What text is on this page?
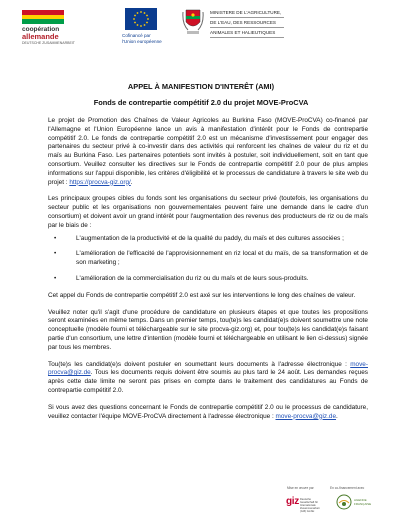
coopération
allemande
DEUTSCHE ZUSAMMENARBEIT
Cofinancé par
l'Union européenne
MINISTERE DE L'AGRICULTURE,
DE L'EAU, DES RESSOURCES
ANIMALES ET HALIEUTIQUES
APPEL À MANIFESTION D'INTERÊT (AMI)
Fonds de contrepartie compétitif 2.0 du projet MOVE-ProCVA

Le projet de Promotion des Chaînes de Valeur Agricoles au Burkina Faso (MOVE-ProCVA) co-financé par l'Allemagne et l'Union Européenne lance un avis à manifestation d'intérêt pour le Fonds de contrepartie compétitif 2.0. Le fonds de contrepartie compétitif 2.0 est un mécanisme d'investissement pour engager des partenaires du secteur privé à co-investir dans des activités qui renforcent les chaînes de valeur du riz et du maïs au Burkina Faso. Les partenaires potentiels sont invités à postuler, soit individuellement, soit en tant que consortium. Veuillez consulter les directives sur le Fonds de contrepartie compétitif 2.0 pour de plus amples informations sur l'appui disponible, les critères d'éligibilité et le processus de candidature à travers le site web du projet : https://procva-giz.org/.

Les principaux groupes cibles du fonds sont les organisations du secteur privé (toutefois, les organisations du secteur public et les organisations non gouvernementales peuvent faire une demande dans le cadre d'un consortium) et doivent avoir un grand intérêt pour l'augmentation des revenus des producteurs de riz ou de maïs par le biais de :

• L'augmentation de la productivité et de la qualité du paddy, du maïs et des cultures associées ;
• L'amélioration de l'efficacité de l'approvisionnement en riz local et du maïs, de sa transformation et de son marketing ;
• L'amélioration de la commercialisation du riz ou du maïs et de leurs sous-produits.

Cet appel du Fonds de contrepartie compétitif 2.0 est axé sur les interventions le long des chaînes de valeur.

Veuillez noter qu'il s'agit d'une procédure de candidature en plusieurs étapes et que toutes les propositions seront examinées en même temps. Dans un premier temps, tou(te)s les candidat(e)s doivent soumettre une note conceptuelle (modèle fourni et téléchargeable sur le site procva-giz.org) et, pour tou(te)s les candidat(e)s faisant partie d'un consortium, une lettre d'intention (modèle fourni et téléchargeable en utilisant le lien ci-dessus) signée par tous les membres.

Tou(te)s les candidat(e)s doivent postuler en soumettant leurs documents à l'adresse électronique : move-procva@giz.de. Tous les documents requis doivent être soumis au plus tard le 24 août. Les demandes reçues après cette date limite ne seront pas prises en compte dans le traitement des candidatures au Fonds de contrepartie compétitif 2.0.

Si vous avez des questions concernant le Fonds de contrepartie compétitif 2.0 ou le processus de candidature, veuillez contacter l'équipe MOVE-ProCVA directement à l'adresse électronique : move-procva@giz.de.

Mise en œuvre par
giz Deutsche Gesellschaft für Internationale Zusammenarbeit (GIZ) GmbH
En co-financement avec
AGENCE FRANÇAISE
